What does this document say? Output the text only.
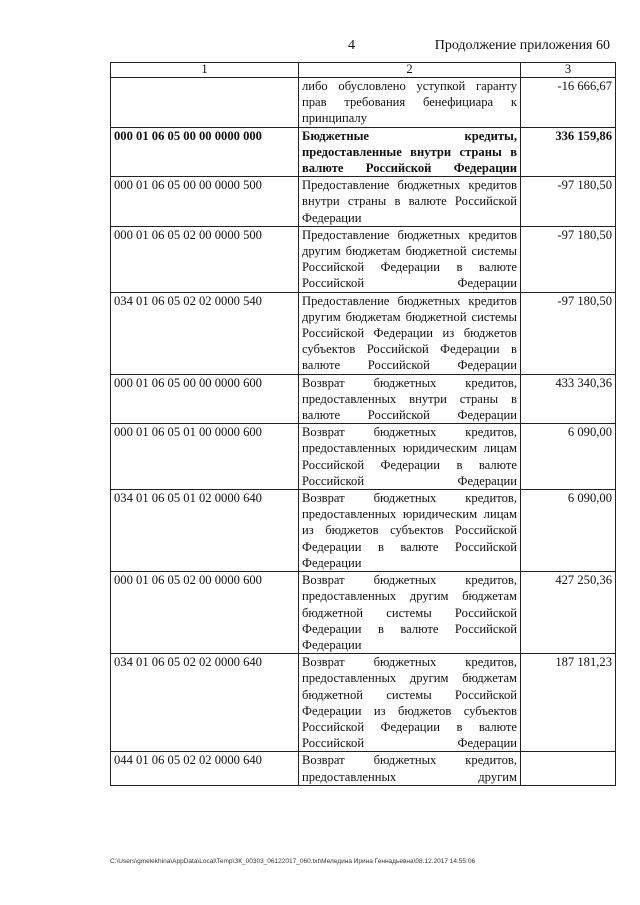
4	Продолжение приложения 60
1	2	3
	либо обусловлено уступкой гаранту прав требования бенефициара к принципалу	-16 666,67
000 01 06 05 00 00 0000 000	Бюджетные кредиты, предоставленные внутри страны в валюте Российской Федерации	336 159,86
000 01 06 05 00 00 0000 500	Предоставление бюджетных кредитов внутри страны в валюте Российской Федерации	-97 180,50
000 01 06 05 02 00 0000 500	Предоставление бюджетных кредитов другим бюджетам бюджетной системы Российской Федерации в валюте Российской Федерации	-97 180,50
034 01 06 05 02 02 0000 540	Предоставление бюджетных кредитов другим бюджетам бюджетной системы Российской Федерации из бюджетов субъектов Российской Федерации в валюте Российской Федерации	-97 180,50
000 01 06 05 00 00 0000 600	Возврат бюджетных кредитов, предоставленных внутри страны в валюте Российской Федерации	433 340,36
000 01 06 05 01 00 0000 600	Возврат бюджетных кредитов, предоставленных юридическим лицам Российской Федерации в валюте Российской Федерации	6 090,00
034 01 06 05 01 02 0000 640	Возврат бюджетных кредитов, предоставленных юридическим лицам из бюджетов субъектов Российской Федерации в валюте Российской Федерации	6 090,00
000 01 06 05 02 00 0000 600	Возврат бюджетных кредитов, предоставленных другим бюджетам бюджетной системы Российской Федерации в валюте Российской Федерации	427 250,36
034 01 06 05 02 02 0000 640	Возврат бюджетных кредитов, предоставленных другим бюджетам бюджетной системы Российской Федерации из бюджетов субъектов Российской Федерации в валюте Российской Федерации	187 181,23
044 01 06 05 02 02 0000 640	Возврат бюджетных кредитов, предоставленных другим	
C:\Users\gmelekhina\AppData\Local\Temp\ЗК_00303_06122017_060.txt\Меледина Ирина Геннадьевна\08.12.2017 14:55:06
